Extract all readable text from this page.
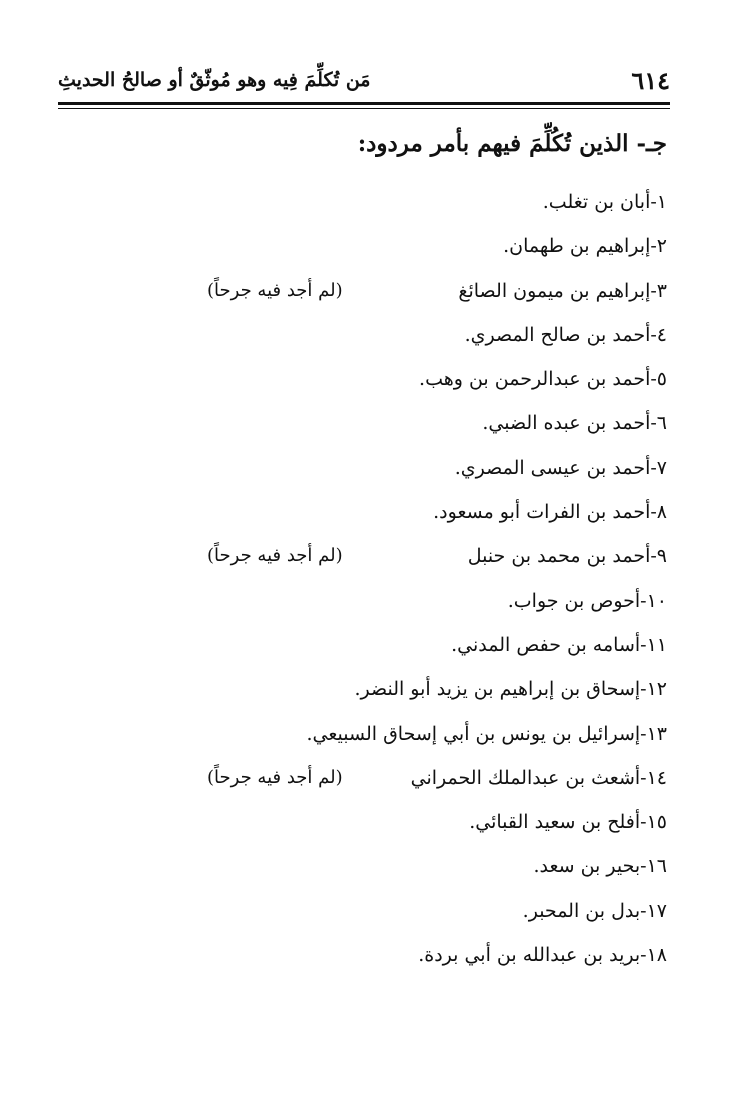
٦١٤
مَن تُكلِّمَ فِيه وهو مُوثّقٌ أو صالحُ الحديثِ
جـ- الذين تُكُلِّمَ فيهم بأمر مردود:
١-أبان بن تغلب.
٢-إبراهيم بن طهمان.
٣-إبراهيم بن ميمون الصائغ
(لم أجد فيه جرحاً)
٤-أحمد بن صالح المصري.
٥-أحمد بن عبدالرحمن بن وهب.
٦-أحمد بن عبده الضبي.
٧-أحمد بن عيسى المصري.
٨-أحمد بن الفرات أبو مسعود.
٩-أحمد بن محمد بن حنبل
(لم أجد فيه جرحاً)
١٠-أحوص بن جواب.
١١-أسامه بن حفص المدني.
١٢-إسحاق بن إبراهيم بن يزيد أبو النضر.
١٣-إسرائيل بن يونس بن أبي إسحاق السبيعي.
١٤-أشعث بن عبدالملك الحمراني
(لم أجد فيه جرحاً)
١٥-أفلح بن سعيد القبائي.
١٦-بحير بن سعد.
١٧-بدل بن المحبر.
١٨-بريد بن عبدالله بن أبي بردة.
